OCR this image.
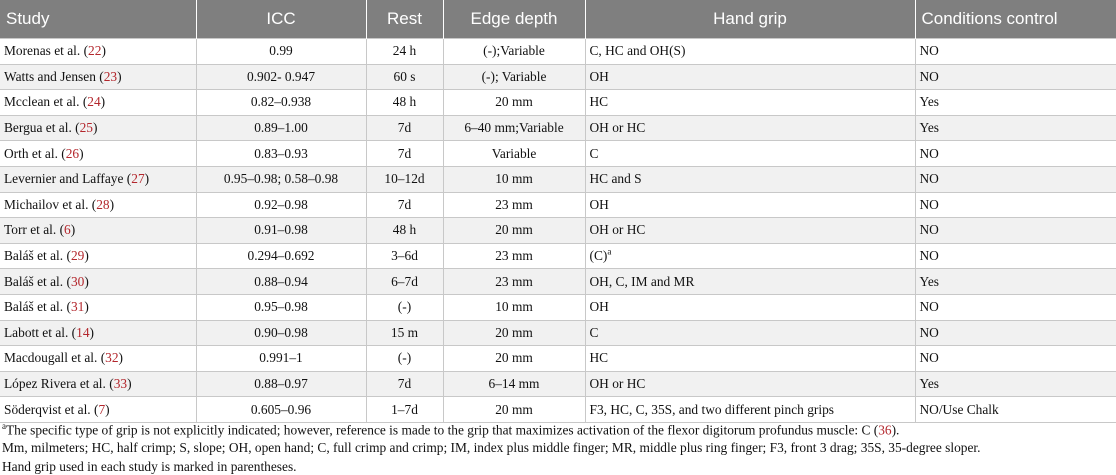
Study	ICC	Rest	Edge depth	Hand grip	Conditions control
Morenas et al. (22)	0.99	24 h	(-);Variable	C, HC and OH(S)	NO
Watts and Jensen (23)	0.902- 0.947	60 s	(-); Variable	OH	NO
Mcclean et al. (24)	0.82–0.938	48 h	20 mm	HC	Yes
Bergua et al. (25)	0.89–1.00	7d	6–40 mm;Variable	OH or HC	Yes
Orth et al. (26)	0.83–0.93	7d	Variable	C	NO
Levernier and Laffaye (27)	0.95–0.98; 0.58–0.98	10–12d	10 mm	HC and S	NO
Michailov et al. (28)	0.92–0.98	7d	23 mm	OH	NO
Torr et al. (6)	0.91–0.98	48 h	20 mm	OH or HC	NO
Baláš et al. (29)	0.294–0.692	3–6d	23 mm	$(C)^a$	NO
Baláš et al. (30)	0.88–0.94	6–7d	23 mm	OH, C, IM and MR	Yes
Baláš et al. (31)	0.95–0.98	(-)	10 mm	OH	NO
Labott et al. (14)	0.90–0.98	15 m	20 mm	C	NO
Macdougall et al. (32)	0.991–1	(-)	20 mm	HC	NO
López Rivera et al. (33)	0.88–0.97	7d	6–14 mm	OH or HC	Yes
Söderqvist et al. (7)	0.605–0.96	1–7d	20 mm	F3, HC, C, 35S, and two different pinch grips	NO/Use Chalk
$^a$The specific type of grip is not explicitly indicated; however, reference is made to the grip that maximizes activation of the flexor digitorum profundus muscle: C (36).
Mm, milmeters; HC, half crimp; S, slope; OH, open hand; C, full crimp and crimp; IM, index plus middle finger; MR, middle plus ring finger; F3, front 3 drag; 35S, 35-degree sloper.
Hand grip used in each study is marked in parentheses.
